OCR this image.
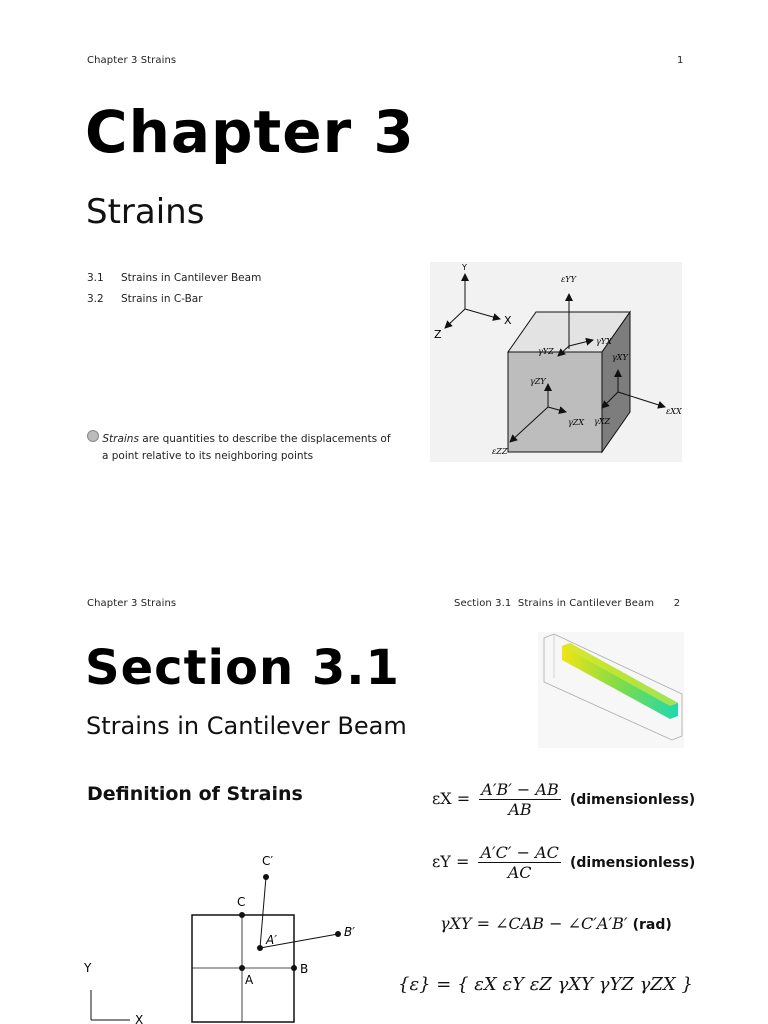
Chapter 3 Strains	1
Chapter 3
Strains
3.1 Strains in Cantilever Beam
3.2 Strains in C-Bar
Strains are quantities to describe the displacements of
a point relative to its neighboring points
Y
X
Z
εYY
γYX
γYZ
γXY
γZY
γZX γXZ
εXX
εZZ
Chapter 3 Strains	Section 3.1  Strains in Cantilever Beam      2
Section 3.1
Strains in Cantilever Beam
Definition of Strains	$\varepsilon X = \frac{A'B' - AB}{AB}$ (dimensionless)
$\varepsilon Y = \frac{A'C' - AC}{AC}$ (dimensionless)
γXY = ∠CAB − ∠C′A′B′ (rad)
{ε} = { εX εY εZ γXY γYZ γZX }
C′
C
A′
B′
A
B
Y
X
